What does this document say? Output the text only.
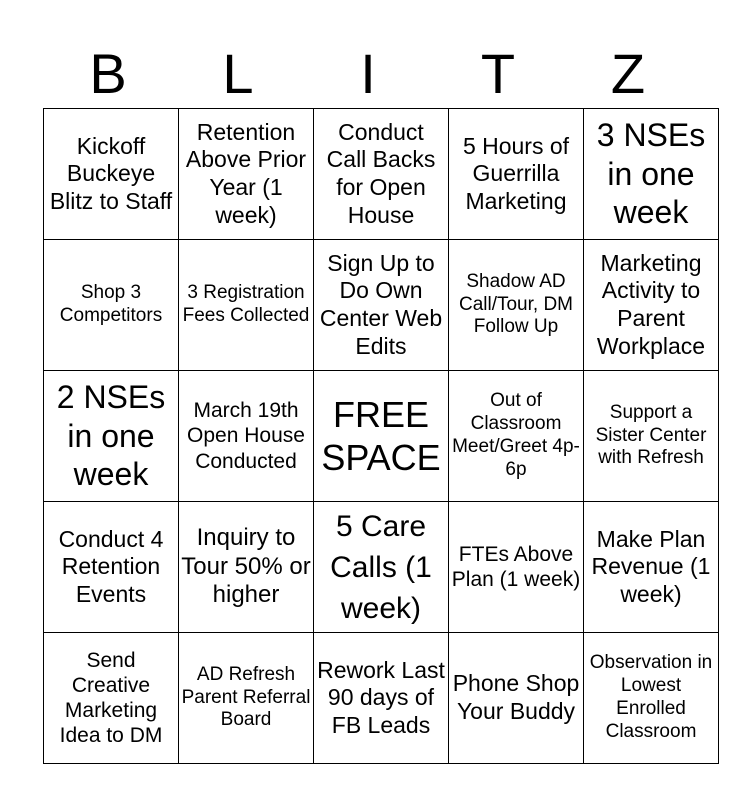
B	L	I	T	Z
Kickoff Buckeye Blitz to Staff	Retention Above Prior Year (1 week)	Conduct Call Backs for Open House	5 Hours of Guerrilla Marketing	3 NSEs in one week
Shop 3 Competitors	3 Registration Fees Collected	Sign Up to Do Own Center Web Edits	Shadow AD Call/Tour, DM Follow Up	Marketing Activity to Parent Workplace
2 NSEs in one week	March 19th Open House Conducted	FREE SPACE	Out of Classroom Meet/Greet 4p-6p	Support a Sister Center with Refresh
Conduct 4 Retention Events	Inquiry to Tour 50% or higher	5 Care Calls (1 week)	FTEs Above Plan (1 week)	Make Plan Revenue (1 week)
Send Creative Marketing Idea to DM	AD Refresh Parent Referral Board	Rework Last 90 days of FB Leads	Phone Shop Your Buddy	Observation in Lowest Enrolled Classroom
